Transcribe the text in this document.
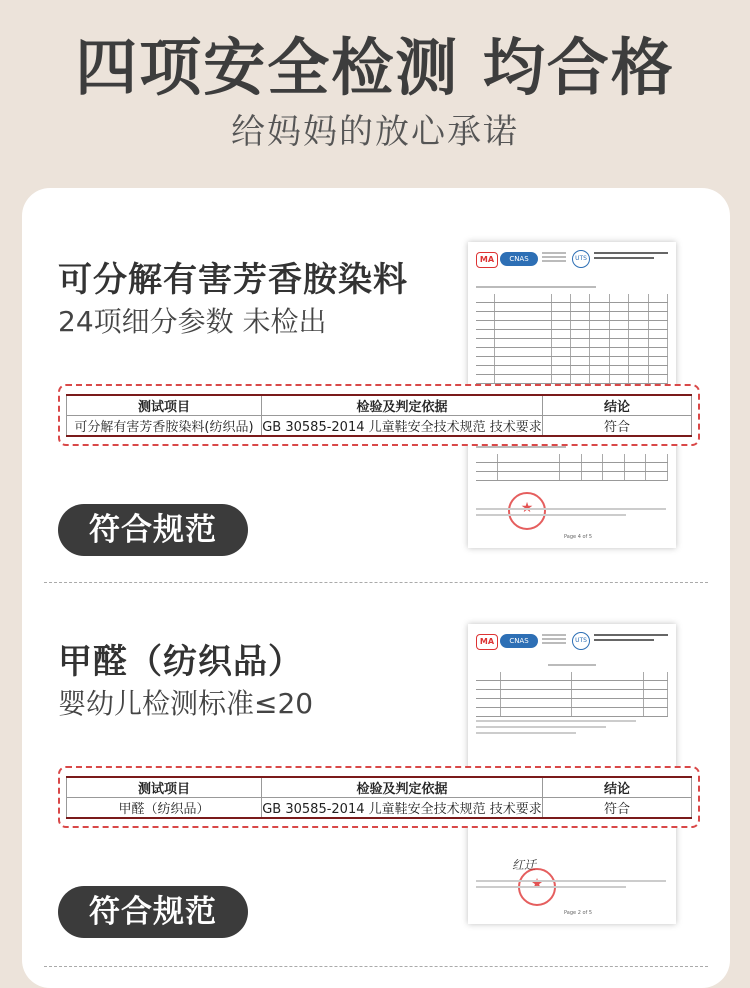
四项安全检测 均合格
给妈妈的放心承诺
可分解有害芳香胺染料
24项细分参数 未检出
MA	CNAS	UTS
★
Page 4 of 5
测试项目	检验及判定依据	结论
可分解有害芳香胺染料(纺织品)	GB 30585-2014 儿童鞋安全技术规范 技术要求	符合
符合规范
甲醛（纺织品）
婴幼儿检测标准≤20
MA	CNAS	UTS
红迁
★
Page 2 of 5
测试项目	检验及判定依据	结论
甲醛（纺织品）	GB 30585-2014 儿童鞋安全技术规范 技术要求	符合
符合规范
